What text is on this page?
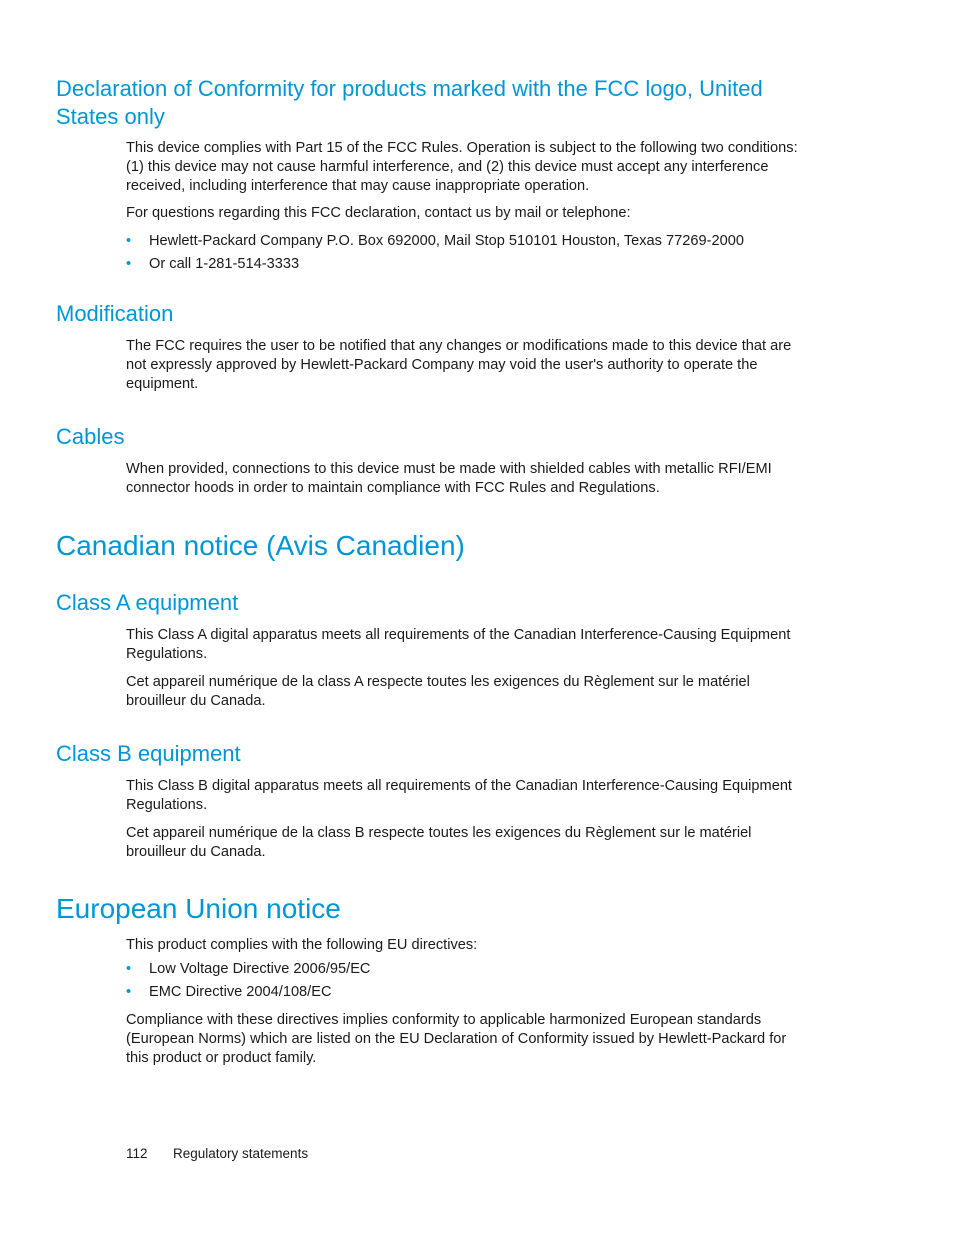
Declaration of Conformity for products marked with the FCC logo, United States only

This device complies with Part 15 of the FCC Rules. Operation is subject to the following two conditions: (1) this device may not cause harmful interference, and (2) this device must accept any interference received, including interference that may cause inappropriate operation.

For questions regarding this FCC declaration, contact us by mail or telephone:

• Hewlett-Packard Company P.O. Box 692000, Mail Stop 510101 Houston, Texas 77269-2000
• Or call 1-281-514-3333
Modification

The FCC requires the user to be notified that any changes or modifications made to this device that are not expressly approved by Hewlett-Packard Company may void the user's authority to operate the equipment.

Cables

When provided, connections to this device must be made with shielded cables with metallic RFI/EMI connector hoods in order to maintain compliance with FCC Rules and Regulations.

Canadian notice (Avis Canadien)
Class A equipment

This Class A digital apparatus meets all requirements of the Canadian Interference-Causing Equipment Regulations.

Cet appareil numérique de la class A respecte toutes les exigences du Règlement sur le matériel brouilleur du Canada.

Class B equipment

This Class B digital apparatus meets all requirements of the Canadian Interference-Causing Equipment Regulations.

Cet appareil numérique de la class B respecte toutes les exigences du Règlement sur le matériel brouilleur du Canada.

European Union notice

This product complies with the following EU directives:

• Low Voltage Directive 2006/95/EC
• EMC Directive 2004/108/EC

Compliance with these directives implies conformity to applicable harmonized European standards (European Norms) which are listed on the EU Declaration of Conformity issued by Hewlett-Packard for this product or product family.

112 Regulatory statements
